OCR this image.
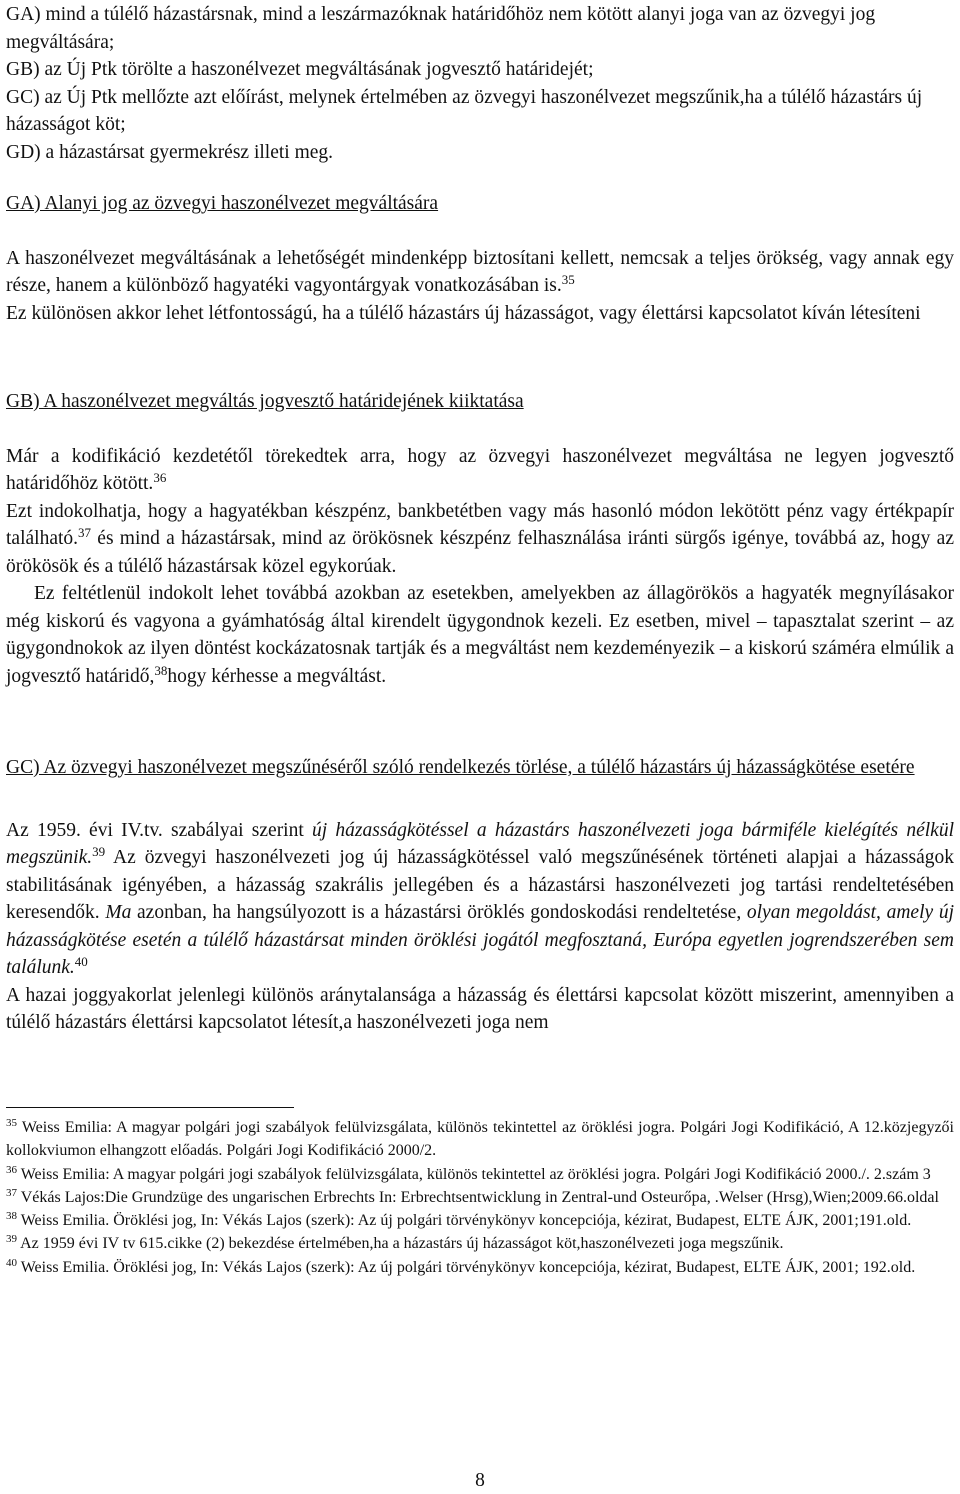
GA) mind a túlélő házastársnak, mind a leszármazóknak határidőhöz nem kötött alanyi joga van az özvegyi jog megváltására;

GB) az Új Ptk törölte a haszonélvezet megváltásának jogvesztő határidejét;

GC) az Új Ptk mellőzte azt előírást, melynek értelmében az özvegyi haszonélvezet megszűnik,ha a túlélő házastárs új házasságot köt;

GD) a házastársat gyermekrész illeti meg.

GA) Alanyi jog az özvegyi haszonélvezet megváltására

A haszonélvezet megváltásának a lehetőségét mindenképp biztosítani kellett, nemcsak a teljes örökség, vagy annak egy része, hanem a különböző hagyatéki vagyontárgyak vonatkozásában is.$^{35}$

Ez különösen akkor lehet létfontosságú, ha a túlélő házastárs új házasságot, vagy élettársi kapcsolatot kíván létesíteni

GB) A haszonélvezet megváltás jogvesztő határidejének kiiktatása

Már a kodifikáció kezdetétől törekedtek arra, hogy az özvegyi haszonélvezet megváltása ne legyen jogvesztő határidőhöz kötött.$^{36}$

Ezt indokolhatja, hogy a hagyatékban készpénz, bankbetétben vagy más hasonló módon lekötött pénz vagy értékpapír található.$^{37}$ és mind a házastársak, mind az örökösnek készpénz felhasználása iránti sürgős igénye, továbbá az, hogy az örökösök és a túlélő házastársak közel egykorúak.

Ez feltétlenül indokolt lehet továbbá azokban az esetekben, amelyekben az állagörökös a hagyaték megnyílásakor még kiskorú és vagyona a gyámhatóság által kirendelt ügygondnok kezeli. Ez esetben, mivel – tapasztalat szerint – az ügygondnokok az ilyen döntést kockázatosnak tartják és a megváltást nem kezdeményezik – a kiskorú száméra elmúlik a jogvesztő határidő,$^{38}$hogy kérhesse a megváltást.

GC) Az özvegyi haszonélvezet megszűnéséről szóló rendelkezés törlése, a túlélő házastárs új házasságkötése esetére

Az 1959. évi IV.tv. szabályai szerint új házasságkötéssel a házastárs haszonélvezeti joga bármiféle kielégítés nélkül megszünik.$^{39}$ Az özvegyi haszonélvezeti jog új házasságkötéssel való megszűnésének történeti alapjai a házasságok stabilitásának igényében, a házasság szakrális jellegében és a házastársi haszonélvezeti jog tartási rendeltetésében keresendők. Ma azonban, ha hangsúlyozott is a házastársi öröklés gondoskodási rendeltetése, olyan megoldást, amely új házasságkötése esetén a túlélő házastársat minden öröklési jogától megfosztaná, Európa egyetlen jogrendszerében sem találunk.$^{40}$

A hazai joggyakorlat jelenlegi különös aránytalansága a házasság és élettársi kapcsolat között miszerint, amennyiben a túlélő házastárs élettársi kapcsolatot létesít,a haszonélvezeti joga nem

$^{35}$ Weiss Emilia: A magyar polgári jogi szabályok felülvizsgálata, különös tekintettel az öröklési jogra. Polgári Jogi Kodifikáció, A 12.közjegyzői kollokviumon elhangzott előadás. Polgári Jogi Kodifikáció 2000/2.

$^{36}$ Weiss Emilia: A magyar polgári jogi szabályok felülvizsgálata, különös tekintettel az öröklési jogra. Polgári Jogi Kodifikáció 2000./. 2.szám 3

$^{37}$ Vékás Lajos:Die Grundzüge des ungarischen Erbrechts In: Erbrechtsentwicklung in Zentral-und Osteurőpa, .Welser (Hrsg),Wien;2009.66.oldal

$^{38}$ Weiss Emilia. Öröklési jog, In: Vékás Lajos (szerk): Az új polgári törvénykönyv koncepciója, kézirat, Budapest, ELTE ÁJK, 2001;191.old.

$^{39}$ Az 1959 évi IV tv 615.cikke (2) bekezdése értelmében,ha a házastárs új házasságot köt,haszonélvezeti joga megszűnik.

$^{40}$ Weiss Emilia. Öröklési jog, In: Vékás Lajos (szerk): Az új polgári törvénykönyv koncepciója, kézirat, Budapest, ELTE ÁJK, 2001; 192.old.

8
